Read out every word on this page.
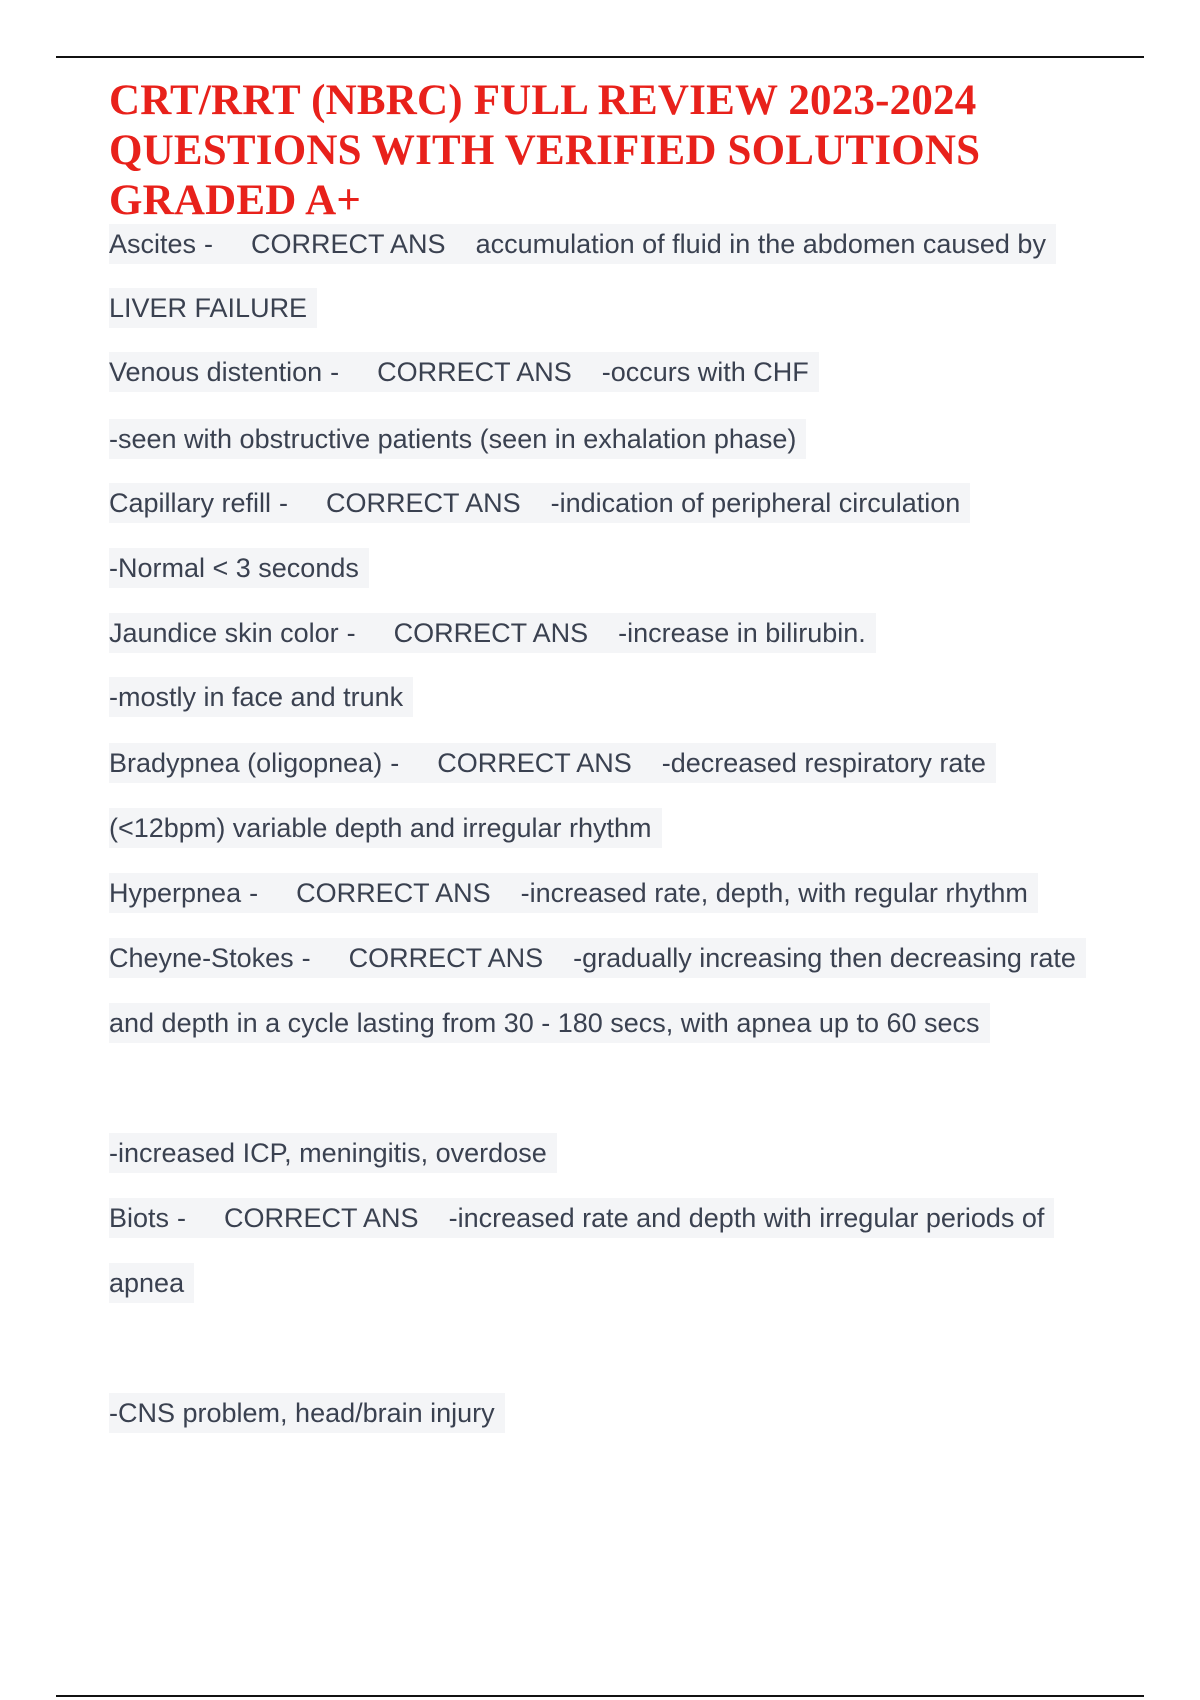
CRT/RRT (NBRC) FULL REVIEW 2023-2024
QUESTIONS WITH VERIFIED SOLUTIONS
GRADED A+
Ascites - CORRECT ANS accumulation of fluid in the abdomen caused by
LIVER FAILURE
Venous distention - CORRECT ANS -occurs with CHF
-seen with obstructive patients (seen in exhalation phase)
Capillary refill - CORRECT ANS -indication of peripheral circulation
-Normal < 3 seconds
Jaundice skin color - CORRECT ANS -increase in bilirubin.
-mostly in face and trunk
Bradypnea (oligopnea) - CORRECT ANS -decreased respiratory rate
(<12bpm) variable depth and irregular rhythm
Hyperpnea - CORRECT ANS -increased rate, depth, with regular rhythm
Cheyne-Stokes - CORRECT ANS -gradually increasing then decreasing rate
and depth in a cycle lasting from 30 - 180 secs, with apnea up to 60 secs
-increased ICP, meningitis, overdose
Biots - CORRECT ANS -increased rate and depth with irregular periods of
apnea
-CNS problem, head/brain injury
